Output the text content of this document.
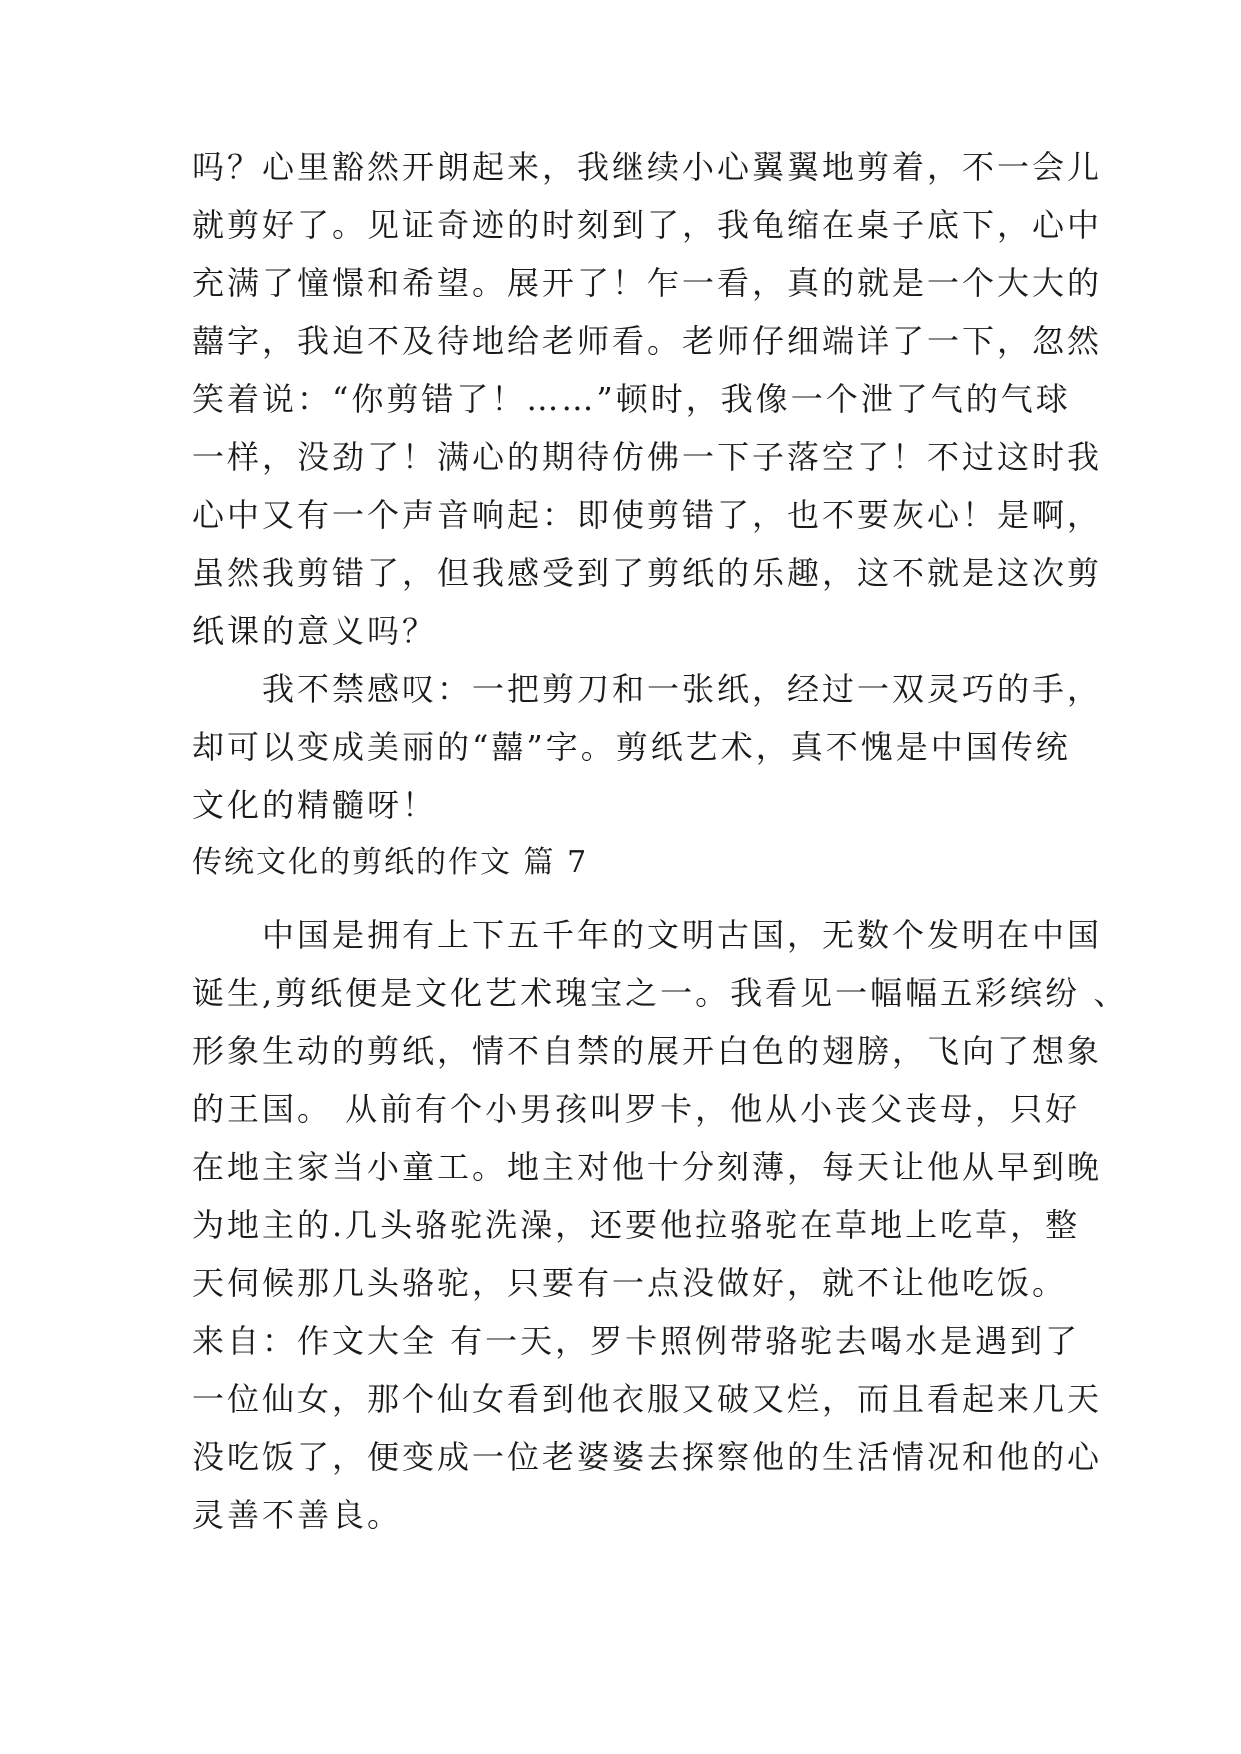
吗？心里豁然开朗起来，我继续小心翼翼地剪着，不一会儿
就剪好了。见证奇迹的时刻到了，我龟缩在桌子底下，心中
充满了憧憬和希望。展开了！乍一看，真的就是一个大大的
囍字，我迫不及待地给老师看。老师仔细端详了一下，忽然
笑着说：“你剪错了！……”顿时，我像一个泄了气的气球
一样，没劲了！满心的期待仿佛一下子落空了！不过这时我
心中又有一个声音响起：即使剪错了，也不要灰心！是啊，
虽然我剪错了，但我感受到了剪纸的乐趣，这不就是这次剪
纸课的意义吗？
　　我不禁感叹：一把剪刀和一张纸，经过一双灵巧的手，
却可以变成美丽的“囍”字。剪纸艺术，真不愧是中国传统
文化的精髓呀！
传统文化的剪纸的作文 篇 7
　　中国是拥有上下五千年的文明古国，无数个发明在中国
诞生,剪纸便是文化艺术瑰宝之一。我看见一幅幅五彩缤纷 、
形象生动的剪纸，情不自禁的展开白色的翅膀，飞向了想象
的王国。 从前有个小男孩叫罗卡，他从小丧父丧母，只好
在地主家当小童工。地主对他十分刻薄，每天让他从早到晚
为地主的.几头骆驼洗澡，还要他拉骆驼在草地上吃草，整
天伺候那几头骆驼，只要有一点没做好，就不让他吃饭。
来自：作文大全 有一天，罗卡照例带骆驼去喝水是遇到了
一位仙女，那个仙女看到他衣服又破又烂，而且看起来几天
没吃饭了，便变成一位老婆婆去探察他的生活情况和他的心
灵善不善良。
